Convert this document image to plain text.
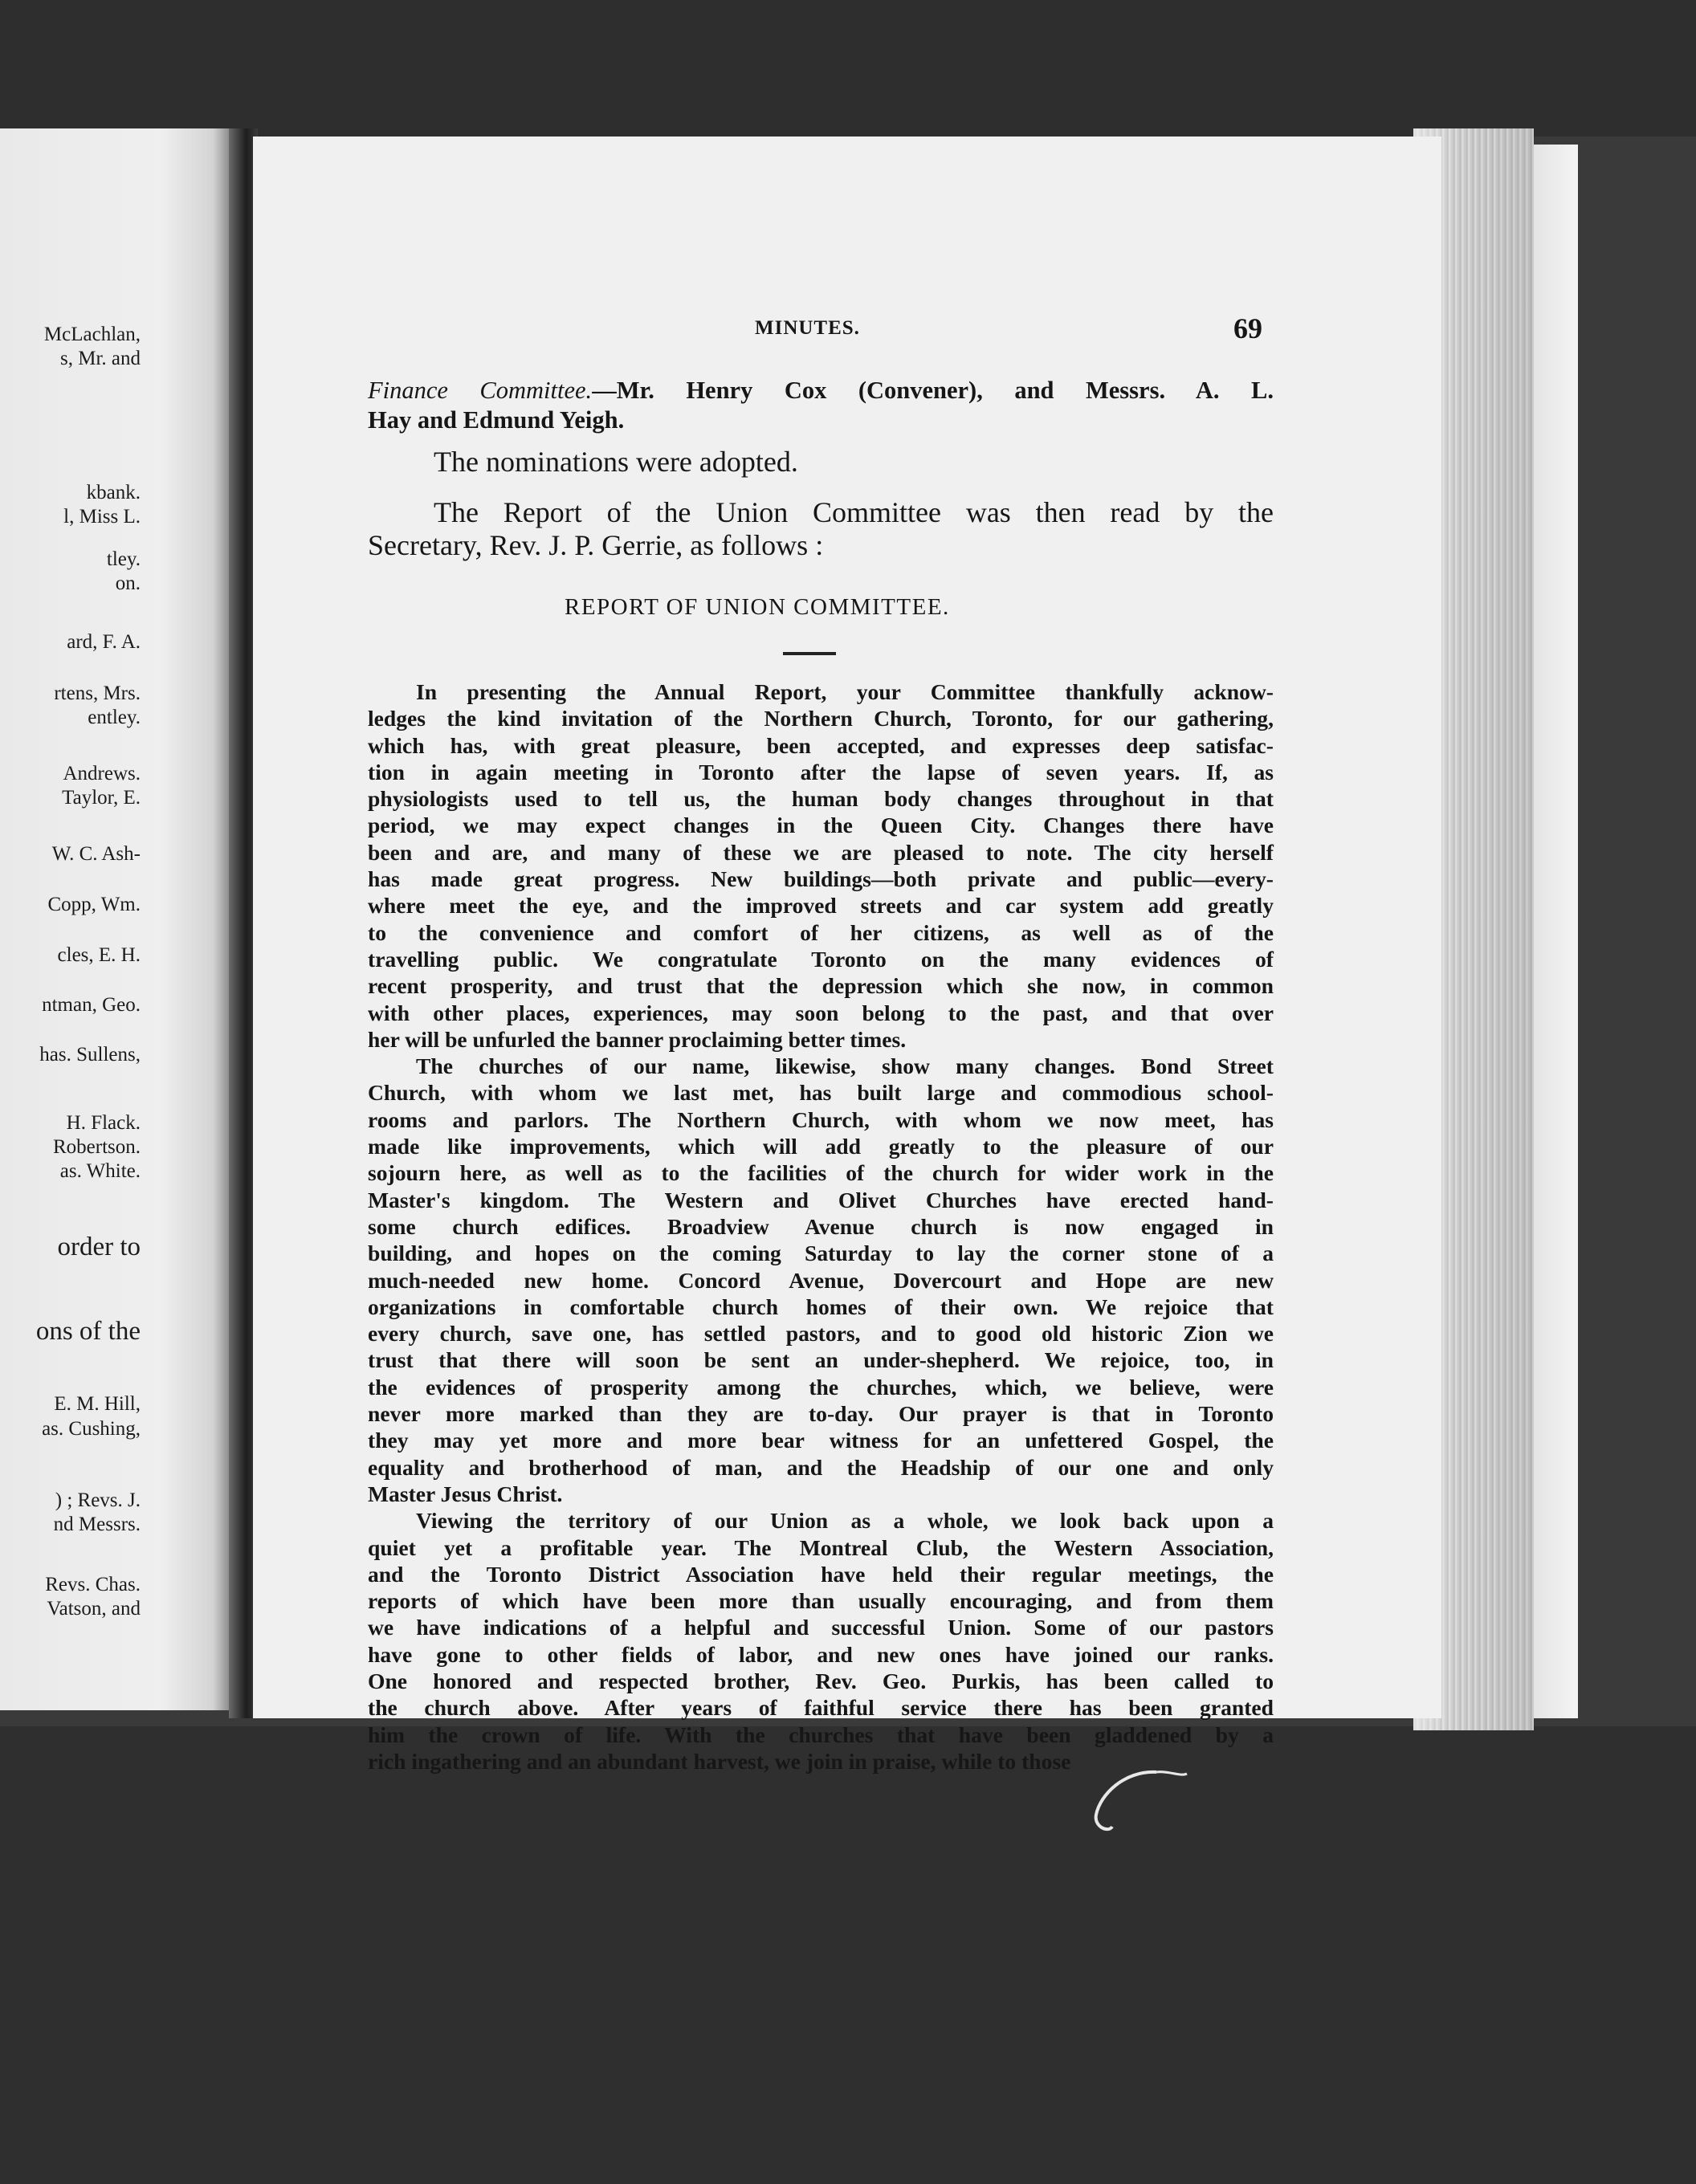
McLachlan,
s, Mr. and
kbank.
l, Miss L.
tley.
on.
ard, F. A.
rtens, Mrs.
entley.
Andrews.
Taylor, E.
W. C. Ash-
Copp, Wm.
cles, E. H.
ntman, Geo.
has. Sullens,
H. Flack.
Robertson.
as. White.
order to
ons of the
E. M. Hill,
as. Cushing,
) ; Revs. J.
nd Messrs.
Revs. Chas.
Vatson, and
MINUTES.	69
Finance Committee.—Mr. Henry Cox (Convener), and Messrs. A. L.
Hay and Edmund Yeigh.
The nominations were adopted.
The Report of the Union Committee was then read by the
Secretary, Rev. J. P. Gerrie, as follows :
REPORT OF UNION COMMITTEE.
In presenting the Annual Report, your Committee thankfully acknow-
ledges the kind invitation of the Northern Church, Toronto, for our gathering,
which has, with great pleasure, been accepted, and expresses deep satisfac-
tion in again meeting in Toronto after the lapse of seven years. If, as
physiologists used to tell us, the human body changes throughout in that
period, we may expect changes in the Queen City. Changes there have
been and are, and many of these we are pleased to note. The city herself
has made great progress. New buildings—both private and public—every-
where meet the eye, and the improved streets and car system add greatly
to the convenience and comfort of her citizens, as well as of the
travelling public. We congratulate Toronto on the many evidences of
recent prosperity, and trust that the depression which she now, in common
with other places, experiences, may soon belong to the past, and that over
her will be unfurled the banner proclaiming better times.
The churches of our name, likewise, show many changes. Bond Street
Church, with whom we last met, has built large and commodious school-
rooms and parlors. The Northern Church, with whom we now meet, has
made like improvements, which will add greatly to the pleasure of our
sojourn here, as well as to the facilities of the church for wider work in the
Master's kingdom. The Western and Olivet Churches have erected hand-
some church edifices. Broadview Avenue church is now engaged in
building, and hopes on the coming Saturday to lay the corner stone of a
much-needed new home. Concord Avenue, Dovercourt and Hope are new
organizations in comfortable church homes of their own. We rejoice that
every church, save one, has settled pastors, and to good old historic Zion we
trust that there will soon be sent an under-shepherd. We rejoice, too, in
the evidences of prosperity among the churches, which, we believe, were
never more marked than they are to-day. Our prayer is that in Toronto
they may yet more and more bear witness for an unfettered Gospel, the
equality and brotherhood of man, and the Headship of our one and only
Master Jesus Christ.
Viewing the territory of our Union as a whole, we look back upon a
quiet yet a profitable year. The Montreal Club, the Western Association,
and the Toronto District Association have held their regular meetings, the
reports of which have been more than usually encouraging, and from them
we have indications of a helpful and successful Union. Some of our pastors
have gone to other fields of labor, and new ones have joined our ranks.
One honored and respected brother, Rev. Geo. Purkis, has been called to
the church above. After years of faithful service there has been granted
him the crown of life. With the churches that have been gladdened by a
rich ingathering and an abundant harvest, we join in praise, while to those
